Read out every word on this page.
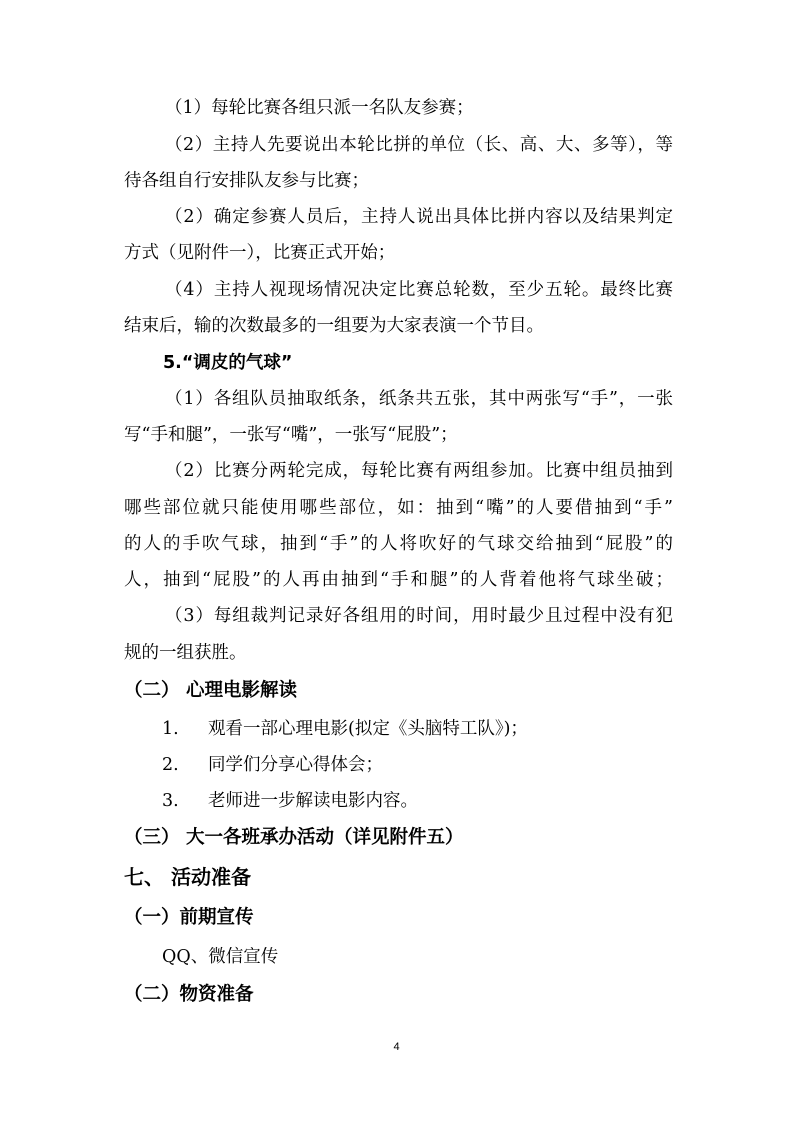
（1）每轮比赛各组只派一名队友参赛；
（2）主持人先要说出本轮比拼的单位（长、高、大、多等），等
待各组自行安排队友参与比赛；
（2）确定参赛人员后，主持人说出具体比拼内容以及结果判定
方式（见附件一），比赛正式开始；
（4）主持人视现场情况决定比赛总轮数，至少五轮。最终比赛
结束后，输的次数最多的一组要为大家表演一个节目。
5.“调皮的气球”
（1）各组队员抽取纸条，纸条共五张，其中两张写“手”，一张
写“手和腿”，一张写“嘴”，一张写“屁股”；
（2）比赛分两轮完成，每轮比赛有两组参加。比赛中组员抽到
哪些部位就只能使用哪些部位，如：抽到“嘴”的人要借抽到“手”
的人的手吹气球，抽到“手”的人将吹好的气球交给抽到“屁股”的
人，抽到“屁股”的人再由抽到“手和腿”的人背着他将气球坐破；
（3）每组裁判记录好各组用的时间，用时最少且过程中没有犯
规的一组获胜。
（二） 心理电影解读
1. 观看一部心理电影(拟定《头脑特工队》)；
2. 同学们分享心得体会；
3. 老师进一步解读电影内容。
（三） 大一各班承办活动（详见附件五）
七、 活动准备
（一）前期宣传
QQ、微信宣传
（二）物资准备
4
